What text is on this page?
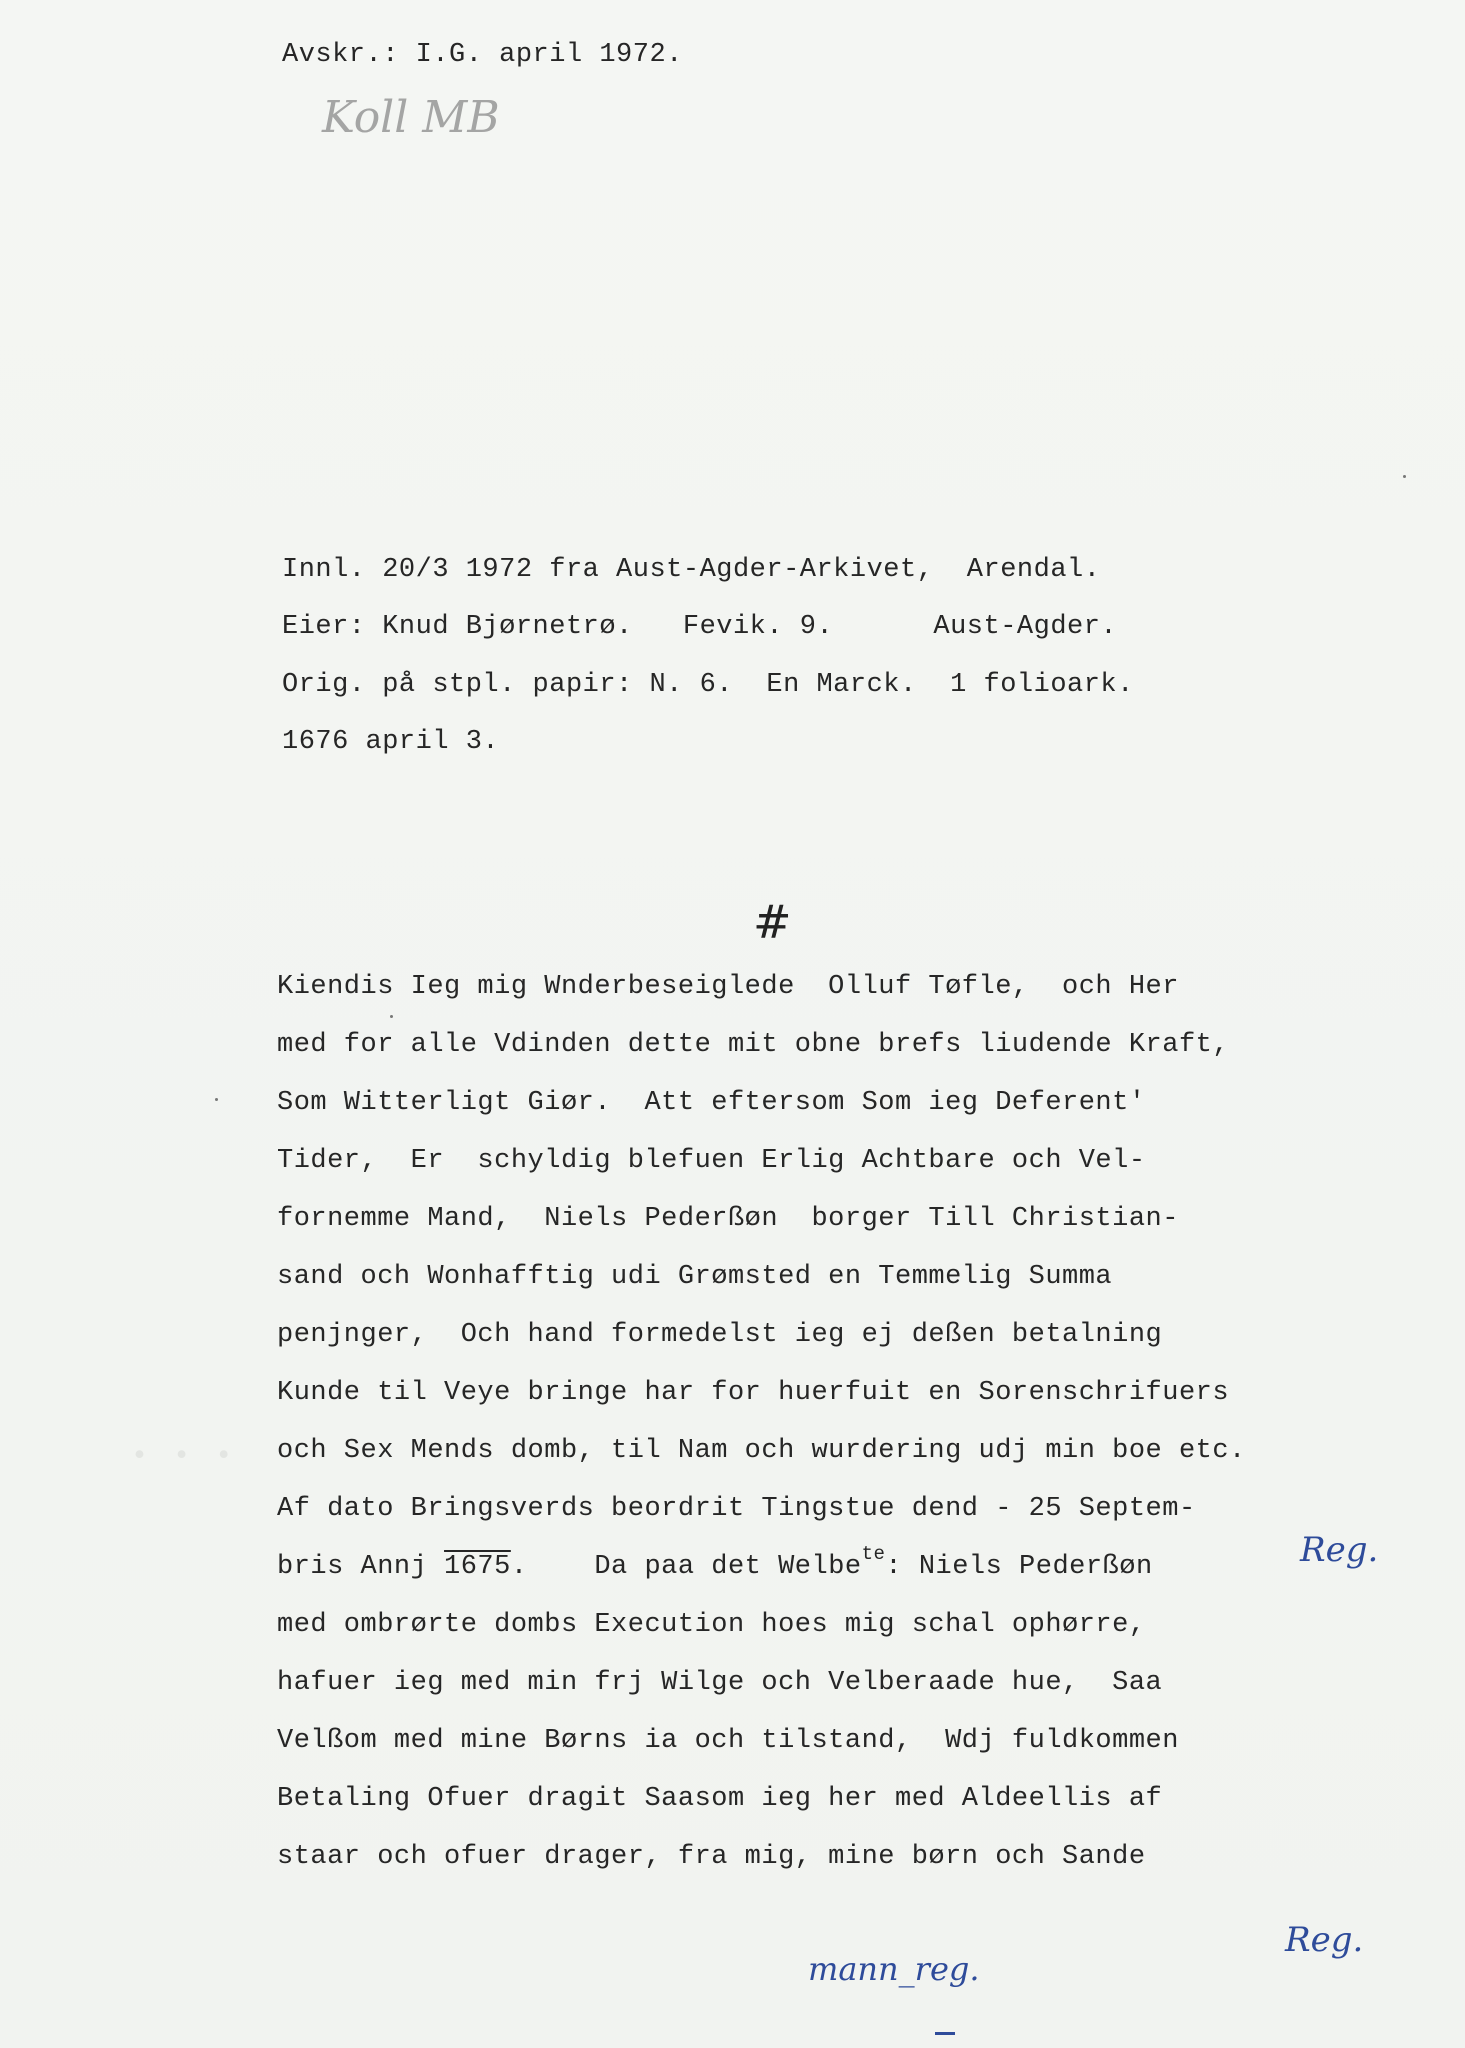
· · ·
Avskr.: I.G. april 1972.
Koll MB
Innl. 20/3 1972 fra Aust-Agder-Arkivet,  Arendal.
Eier: Knud Bjørnetrø.   Fevik. 9.      Aust-Agder.
Orig. på stpl. papir: N. 6.  En Marck.  1 folioark.
1676 april 3.
#
Kiendis Ieg mig Wnderbeseiglede  Olluf Tøfle,  och Her
med for alle Vdinden dette mit obne brefs liudende Kraft,
Som Witterligt Giør.  Att eftersom Som ieg Deferent'
Tider,  Er  schyldig blefuen Erlig Achtbare och Vel-
fornemme Mand,  Niels Pederßøn  borger Till Christian-
sand och Wonhafftig udi Grømsted en Temmelig Summa
penjnger,  Och hand formedelst ieg ej deßen betalning
Kunde til Veye bringe har for huerfuit en Sorenschrifuers
och Sex Mends domb, til Nam och wurdering udj min boe etc.
Af dato Bringsverds beordrit Tingstue dend - 25 Septem-
bris Annj 1675.    Da paa det Welbe$^{te}$: Niels Pederßøn
med ombrørte dombs Execution hoes mig schal ophørre,
hafuer ieg med min frj Wilge och Velberaade hue,  Saa
Velßom med mine Børns ia och tilstand,  Wdj fuldkommen
Betaling Ofuer dragit Saasom ieg her med Aldeellis af
staar och ofuer drager, fra mig, mine børn och Sande
Reg.
Reg.
mann_reg.
